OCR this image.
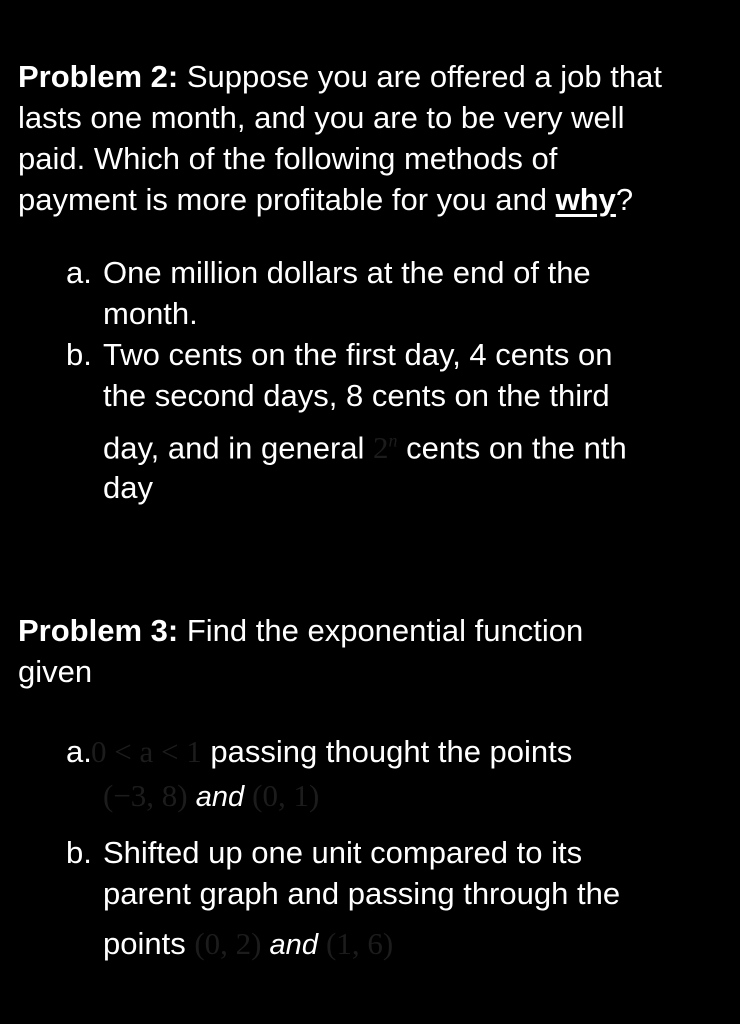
Problem 2: Suppose you are offered a job that
lasts one month, and you are to be very well
paid. Which of the following methods of
payment is more profitable for you and why?
a. One million dollars at the end of the
month.
b. Two cents on the first day, 4 cents on
the second days, 8 cents on the third
day, and in general 2$^n$ cents on the nth
day
Problem 3: Find the exponential function
given
a. 0 < a < 1 passing thought the points
(−3, 8) and (0, 1)
b. Shifted up one unit compared to its
parent graph and passing through the
points (0, 2) and (1, 6)
